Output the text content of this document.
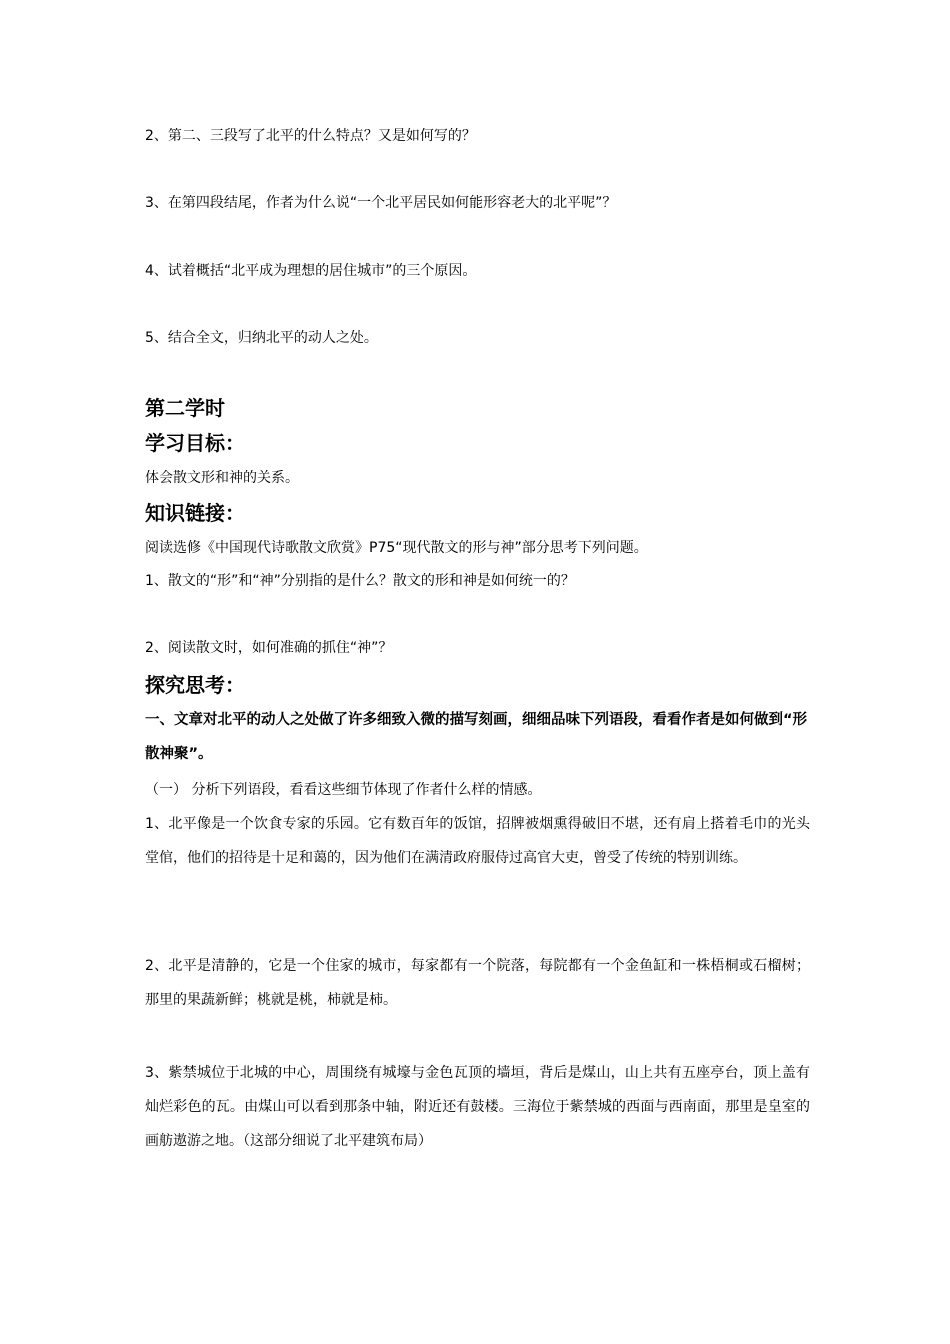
2、第二、三段写了北平的什么特点？又是如何写的？
3、在第四段结尾，作者为什么说“一个北平居民如何能形容老大的北平呢”？
4、试着概括“北平成为理想的居住城市”的三个原因。
5、结合全文，归纳北平的动人之处。
第二学时
学习目标：
体会散文形和神的关系。
知识链接：
阅读选修《中国现代诗歌散文欣赏》P75“现代散文的形与神”部分思考下列问题。
1、散文的“形”和“神”分别指的是什么？散文的形和神是如何统一的？
2、阅读散文时，如何准确的抓住“神”？
探究思考：
一、文章对北平的动人之处做了许多细致入微的描写刻画，细细品味下列语段，看看作者是如何做到“形散神聚”。
（一） 分析下列语段，看看这些细节体现了作者什么样的情感。
1、北平像是一个饮食专家的乐园。它有数百年的饭馆，招牌被烟熏得破旧不堪，还有肩上搭着毛巾的光头堂倌，他们的招待是十足和蔼的，因为他们在满清政府服侍过高官大吏，曾受了传统的特别训练。
2、北平是清静的，它是一个住家的城市，每家都有一个院落，每院都有一个金鱼缸和一株梧桐或石榴树；那里的果蔬新鲜；桃就是桃，柿就是柿。
3、紫禁城位于北城的中心，周围绕有城壕与金色瓦顶的墙垣，背后是煤山，山上共有五座亭台，顶上盖有灿烂彩色的瓦。由煤山可以看到那条中轴，附近还有鼓楼。三海位于紫禁城的西面与西南面，那里是皇室的画舫遨游之地。（这部分细说了北平建筑布局）
